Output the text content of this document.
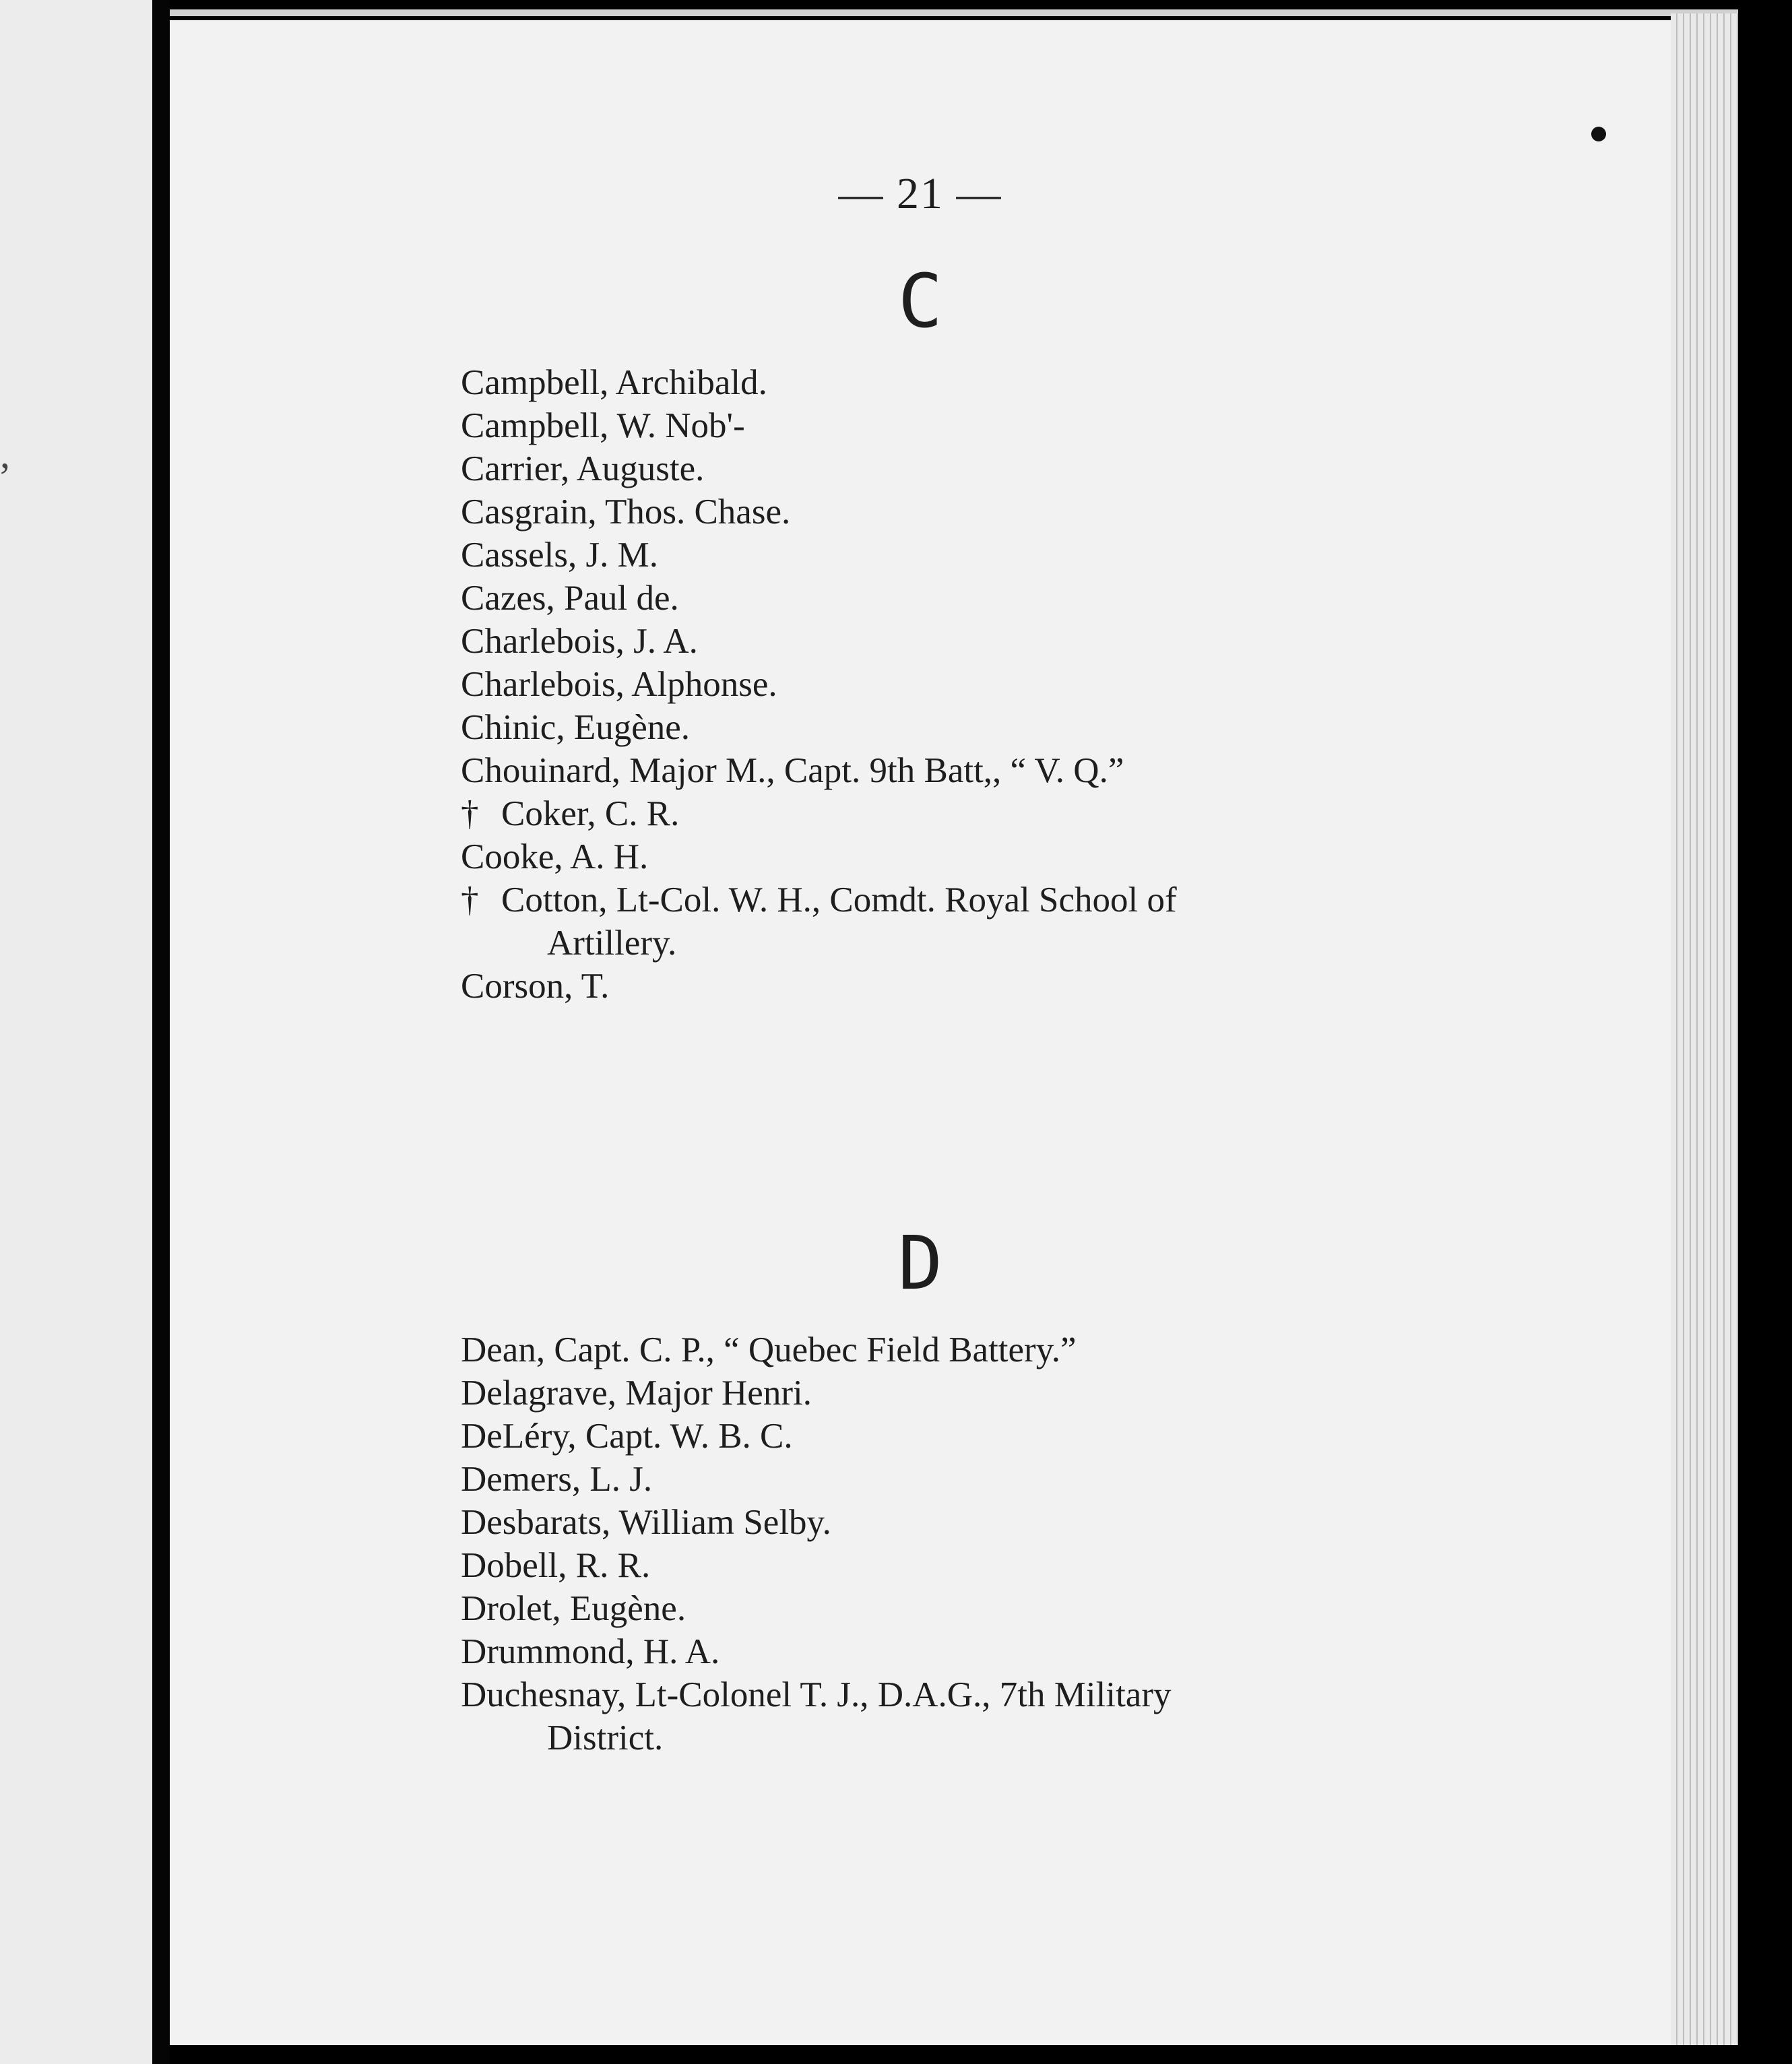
,
— 21 —
C
Campbell, Archibald.
Campbell, W. Nob'-
Carrier, Auguste.
Casgrain, Thos. Chase.
Cassels, J. M.
Cazes, Paul de.
Charlebois, J. A.
Charlebois, Alphonse.
Chinic, Eugène.
Chouinard, Major M., Capt. 9th Batt,, “ V. Q.”
† Coker, C. R.
Cooke, A. H.
† Cotton, Lt-Col. W. H., Comdt. Royal School of
Artillery.
Corson, T.
D
Dean, Capt. C. P., “ Quebec Field Battery.”
Delagrave, Major Henri.
DeLéry, Capt. W. B. C.
Demers, L. J.
Desbarats, William Selby.
Dobell, R. R.
Drolet, Eugène.
Drummond, H. A.
Duchesnay, Lt-Colonel T. J., D.A.G., 7th Military
District.
